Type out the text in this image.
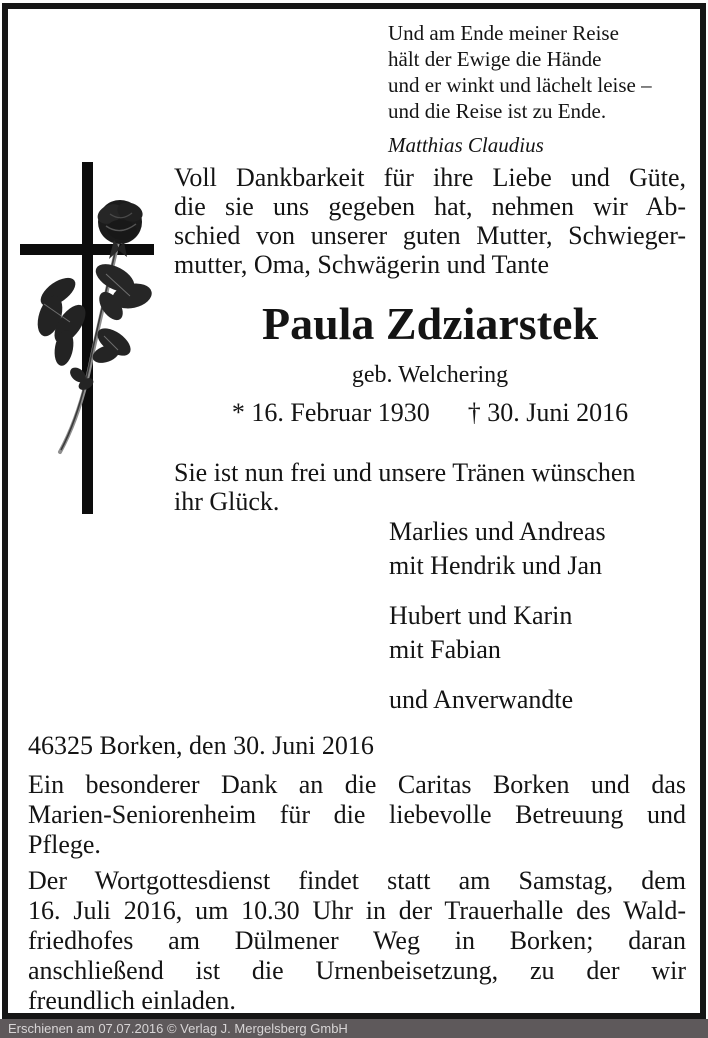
Und am Ende meiner Reise
hält der Ewige die Hände
und er winkt und lächelt leise –
und die Reise ist zu Ende.
Matthias Claudius
Voll Dankbarkeit für ihre Liebe und Güte,
die sie uns gegeben hat, nehmen wir Ab-
schied von unserer guten Mutter, Schwieger-
mutter, Oma, Schwägerin und Tante
Paula Zdziarstek
geb. Welchering
* 16. Februar 1930 † 30. Juni 2016
Sie ist nun frei und unsere Tränen wünschen
ihr Glück.
Marlies und Andreas
mit Hendrik und Jan
Hubert und Karin
mit Fabian
und Anverwandte
46325 Borken, den 30. Juni 2016
Ein besonderer Dank an die Caritas Borken und das
Marien-Seniorenheim für die liebevolle Betreuung und
Pflege.
Der Wortgottesdienst findet statt am Samstag, dem
16. Juli 2016, um 10.30 Uhr in der Trauerhalle des Wald-
friedhofes am Dülmener Weg in Borken; daran
anschließend ist die Urnenbeisetzung, zu der wir
freundlich einladen.
Erschienen am 07.07.2016 © Verlag J. Mergelsberg GmbH
